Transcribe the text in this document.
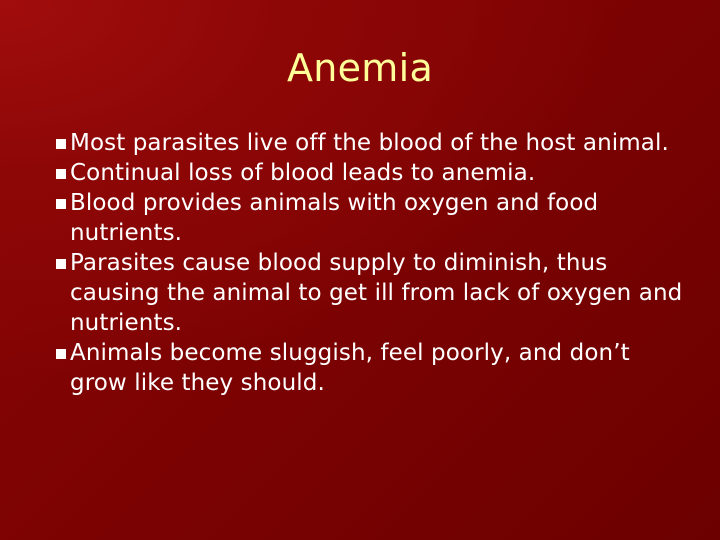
Anemia
Most parasites live off the blood of the host animal.
Continual loss of blood leads to anemia.
Blood provides animals with oxygen and food nutrients.
Parasites cause blood supply to diminish, thus causing the animal to get ill from lack of oxygen and nutrients.
Animals become sluggish, feel poorly, and don’t grow like they should.
